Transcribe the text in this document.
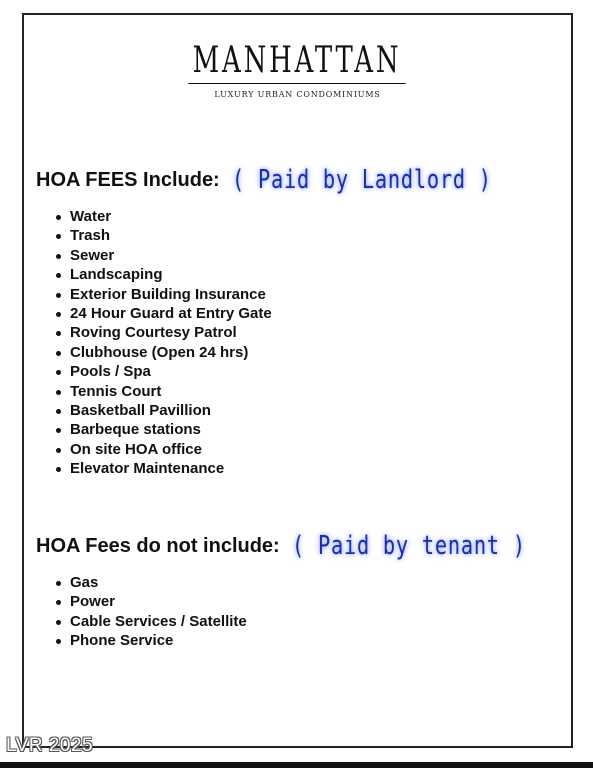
MANHATTAN
LUXURY URBAN CONDOMINIUMS
HOA FEES Include: ( Paid by Landlord )
Water
Trash
Sewer
Landscaping
Exterior Building Insurance
24 Hour Guard at Entry Gate
Roving Courtesy Patrol
Clubhouse (Open 24 hrs)
Pools / Spa
Tennis Court
Basketball Pavillion
Barbeque stations
On site HOA office
Elevator Maintenance
HOA Fees do not include: ( Paid by tenant )
Gas
Power
Cable Services / Satellite
Phone Service
LVR 2025
